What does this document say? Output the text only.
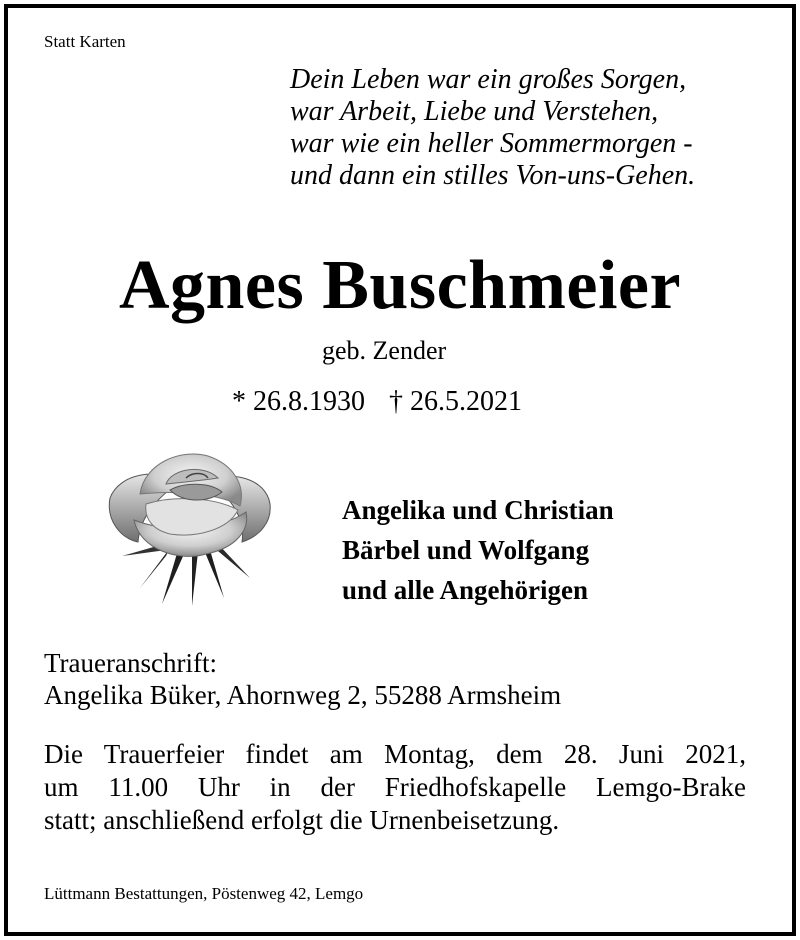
Statt Karten
Dein Leben war ein großes Sorgen,
war Arbeit, Liebe und Verstehen,
war wie ein heller Sommermorgen -
und dann ein stilles Von-uns-Gehen.
Agnes Buschmeier
geb. Zender
* 26.8.1930 † 26.5.2021
Angelika und Christian
Bärbel und Wolfgang
und alle Angehörigen
Traueranschrift:
Angelika Büker, Ahornweg 2, 55288 Armsheim
Die Trauerfeier findet am Montag, dem 28. Juni 2021,
um 11.00 Uhr in der Friedhofskapelle Lemgo-Brake
statt; anschließend erfolgt die Urnenbeisetzung.
Lüttmann Bestattungen, Pöstenweg 42, Lemgo
